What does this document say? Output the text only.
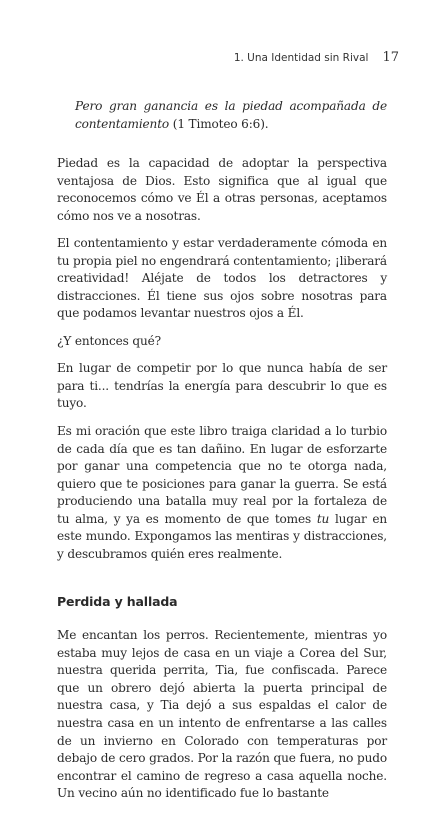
1. Una Identidad sin Rival 17

Pero gran ganancia es la piedad acompañada de contentamiento (1 Timoteo 6:6).

Piedad es la capacidad de adoptar la perspectiva ventajosa de Dios. Esto significa que al igual que reconocemos cómo ve Él a otras personas, aceptamos cómo nos ve a nosotras.

El contentamiento y estar verdaderamente cómoda en tu propia piel no engendrará contentamiento; ¡liberará creatividad! Aléjate de todos los detractores y distracciones. Él tiene sus ojos sobre nosotras para que podamos levantar nuestros ojos a Él.

¿Y entonces qué?

En lugar de competir por lo que nunca había de ser para ti... tendrías la energía para descubrir lo que es tuyo.

Es mi oración que este libro traiga claridad a lo turbio de cada día que es tan dañino. En lugar de esforzarte por ganar una competencia que no te otorga nada, quiero que te posiciones para ganar la guerra. Se está produciendo una batalla muy real por la fortaleza de tu alma, y ya es momento de que tomes tu lugar en este mundo. Expongamos las mentiras y distracciones, y descubramos quién eres realmente.

Perdida y hallada

Me encantan los perros. Recientemente, mientras yo estaba muy lejos de casa en un viaje a Corea del Sur, nuestra querida perrita, Tia, fue confiscada. Parece que un obrero dejó abierta la puerta principal de nuestra casa, y Tia dejó a sus espaldas el calor de nuestra casa en un intento de enfrentarse a las calles de un invierno en Colorado con temperaturas por debajo de cero grados. Por la razón que fuera, no pudo encontrar el camino de regreso a casa aquella noche. Un vecino aún no identificado fue lo bastante
